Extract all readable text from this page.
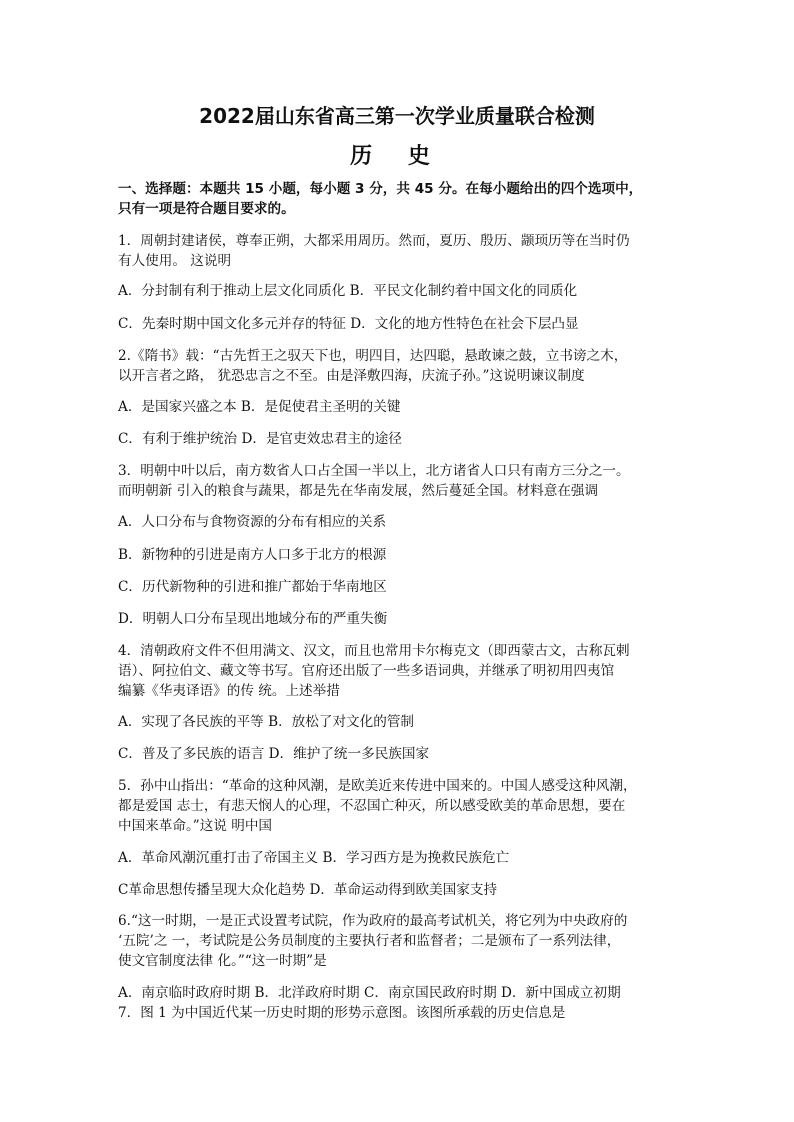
2022届山东省高三第一次学业质量联合检测
历 史
一、选择题：本题共 15 小题，每小题 3 分，共 45 分。在每小题给出的四个选项中，
只有一项是符合题目要求的。
1．周朝封建诸侯，尊奉正朔，大都采用周历。然而，夏历、殷历、颛顼历等在当时仍
有人使用。 这说明
A．分封制有利于推动上层文化同质化 B．平民文化制约着中国文化的同质化
C．先秦时期中国文化多元并存的特征 D．文化的地方性特色在社会下层凸显
2.《隋书》载：“古先哲王之驭天下也，明四目，达四聪，悬敢谏之鼓，立书谤之木，
以开言者之路， 犹恐忠言之不至。由是泽敷四海，庆流子孙。”这说明谏议制度
A．是国家兴盛之本 B．是促使君主圣明的关键
C．有利于维护统治 D．是官吏效忠君主的途径
3．明朝中叶以后，南方数省人口占全国一半以上，北方诸省人口只有南方三分之一。
而明朝新 引入的粮食与蔬果，都是先在华南发展，然后蔓延全国。材料意在强调
A．人口分布与食物资源的分布有相应的关系
B．新物种的引进是南方人口多于北方的根源
C．历代新物种的引进和推广都始于华南地区
D．明朝人口分布呈现出地域分布的严重失衡
4．清朝政府文件不但用满文、汉文，而且也常用卡尔梅克文（即西蒙古文，古称瓦剌
语）、阿拉伯文、藏文等书写。官府还出版了一些多语词典，并继承了明初用四夷馆
编纂《华夷译语》的传 统。上述举措
A．实现了各民族的平等 B．放松了对文化的管制
C．普及了多民族的语言 D．维护了统一多民族国家
5．孙中山指出：“革命的这种风潮，是欧美近来传进中国来的。中国人感受这种风潮，
都是爱国 志士，有悲天悯人的心理，不忍国亡种灭，所以感受欧美的革命思想，要在
中国来革命。”这说 明中国
A．革命风潮沉重打击了帝国主义 B．学习西方是为挽救民族危亡
C革命思想传播呈现大众化趋势 D．革命运动得到欧美国家支持
6.“这一时期，一是正式设置考试院，作为政府的最高考试机关，将它列为中央政府的
‘五院’之 一，考试院是公务员制度的主要执行者和监督者；二是颁布了一系列法律，
使文官制度法律 化。”“这一时期”是
A．南京临时政府时期 B．北洋政府时期 C．南京国民政府时期 D．新中国成立初期
7．图 1 为中国近代某一历史时期的形势示意图。该图所承载的历史信息是
